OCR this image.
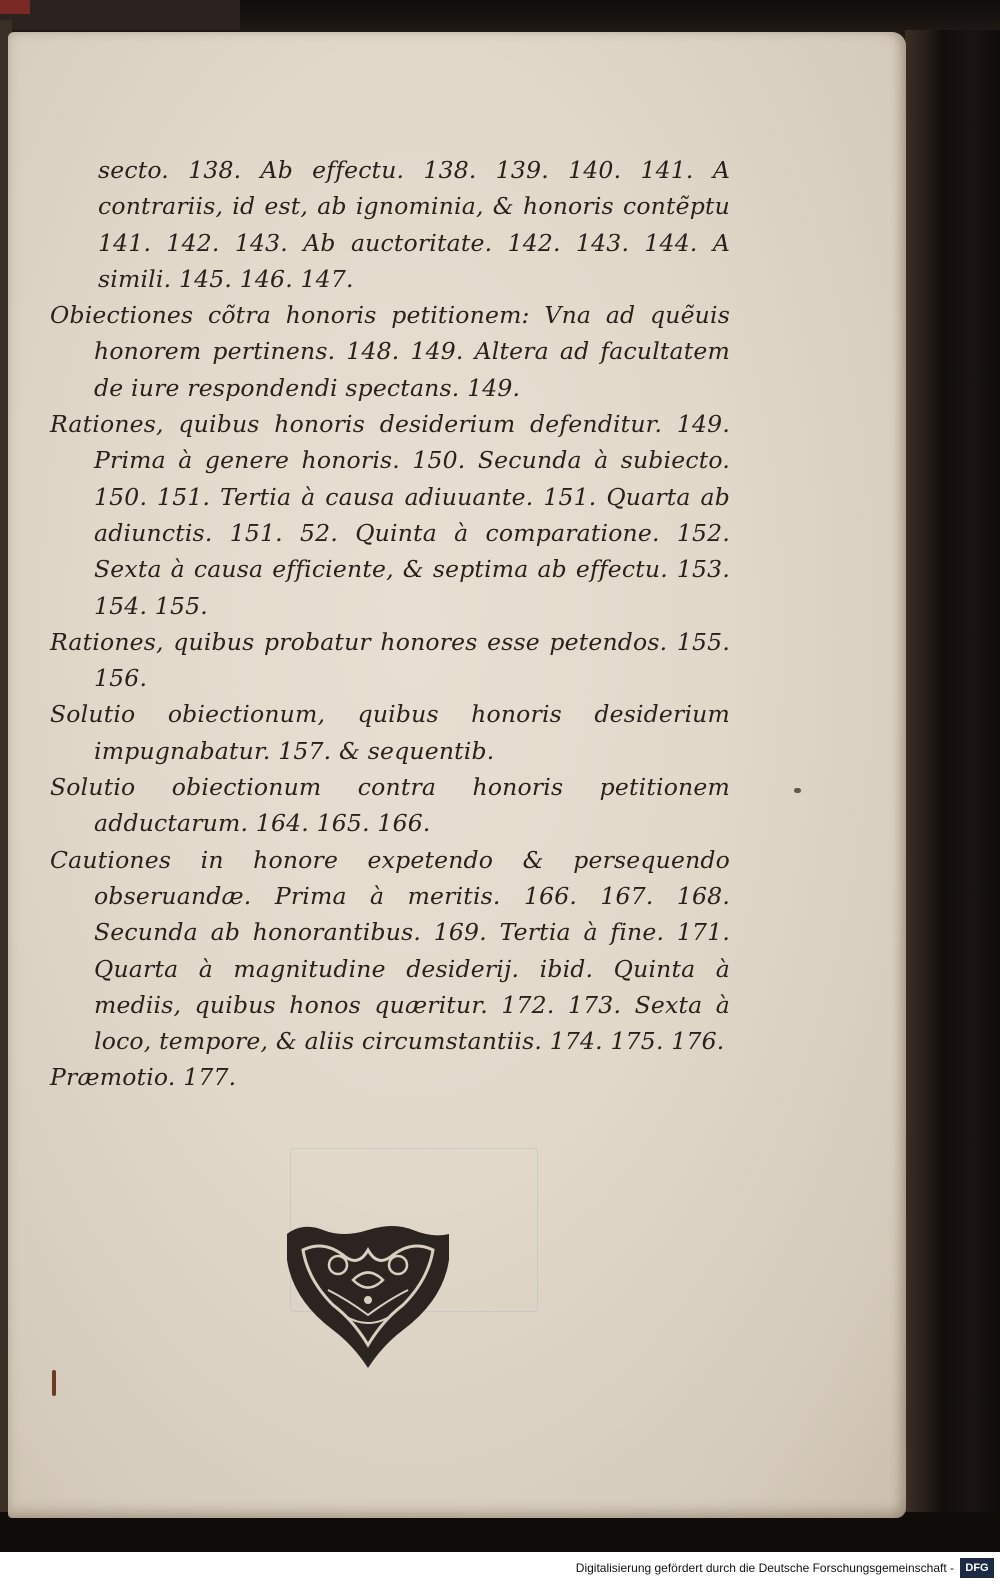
secto. 138. Ab effectu. 138. 139. 140. 141. A contrariis, id est, ab ignominia, & honoris contẽptu 141. 142. 143. Ab auctoritate. 142. 143. 144. A simili. 145. 146. 147.

Obiectiones cõtra honoris petitionem: Vna ad quẽuis honorem pertinens. 148. 149. Altera ad facultatem de iure respondendi spectans. 149.

Rationes, quibus honoris desiderium defenditur. 149. Prima à genere honoris. 150. Secunda à subiecto. 150. 151. Tertia à causa adiuuante. 151. Quarta ab adiunctis. 151. 52. Quinta à comparatione. 152. Sexta à causa efficiente, & septima ab effectu. 153. 154. 155.

Rationes, quibus probatur honores esse petendos. 155. 156.

Solutio obiectionum, quibus honoris desiderium impugnabatur. 157. & sequentib.

Solutio obiectionum contra honoris petitionem adductarum. 164. 165. 166.

Cautiones in honore expetendo & persequendo obseruandæ. Prima à meritis. 166. 167. 168. Secunda ab honorantibus. 169. Tertia à fine. 171. Quarta à magnitudine desiderij. ibid. Quinta à mediis, quibus honos quæritur. 172. 173. Sexta à loco, tempore, & aliis circumstantiis. 174. 175. 176.

Præmotio. 177.

Digitalisierung gefördert durch die Deutsche Forschungsgemeinschaft -	DFG
